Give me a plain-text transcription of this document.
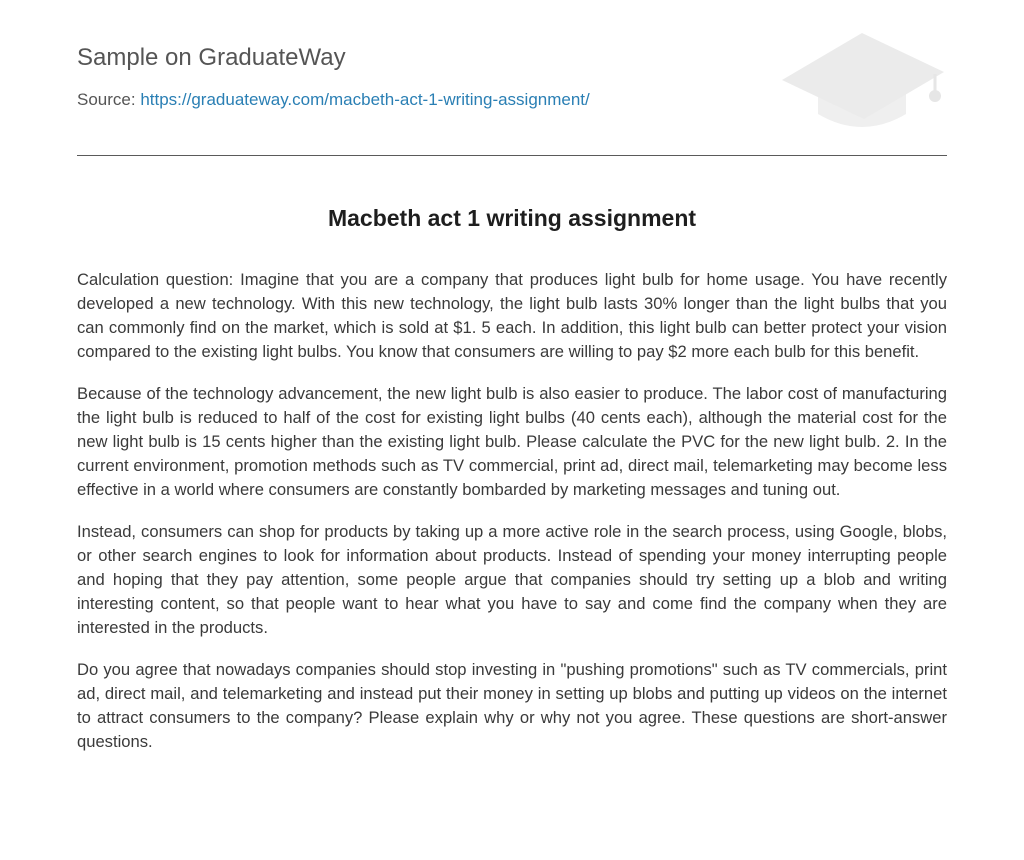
Sample on GraduateWay
Source: https://graduateway.com/macbeth-act-1-writing-assignment/
Macbeth act 1 writing assignment

Calculation question: Imagine that you are a company that produces light bulb for home usage. You have recently developed a new technology. With this new technology, the light bulb lasts 30% longer than the light bulbs that you can commonly find on the market, which is sold at $1. 5 each. In addition, this light bulb can better protect your vision compared to the existing light bulbs. You know that consumers are willing to pay $2 more each bulb for this benefit.

Because of the technology advancement, the new light bulb is also easier to produce. The labor cost of manufacturing the light bulb is reduced to half of the cost for existing light bulbs (40 cents each), although the material cost for the new light bulb is 15 cents higher than the existing light bulb. Please calculate the PVC for the new light bulb. 2. In the current environment, promotion methods such as TV commercial, print ad, direct mail, telemarketing may become less effective in a world where consumers are constantly bombarded by marketing messages and tuning out.

Instead, consumers can shop for products by taking up a more active role in the search process, using Google, blobs, or other search engines to look for information about products. Instead of spending your money interrupting people and hoping that they pay attention, some people argue that companies should try setting up a blob and writing interesting content, so that people want to hear what you have to say and come find the company when they are interested in the products.

Do you agree that nowadays companies should stop investing in "pushing promotions" such as TV commercials, print ad, direct mail, and telemarketing and instead put their money in setting up blobs and putting up videos on the internet to attract consumers to the company? Please explain why or why not you agree. These questions are short-answer questions.
